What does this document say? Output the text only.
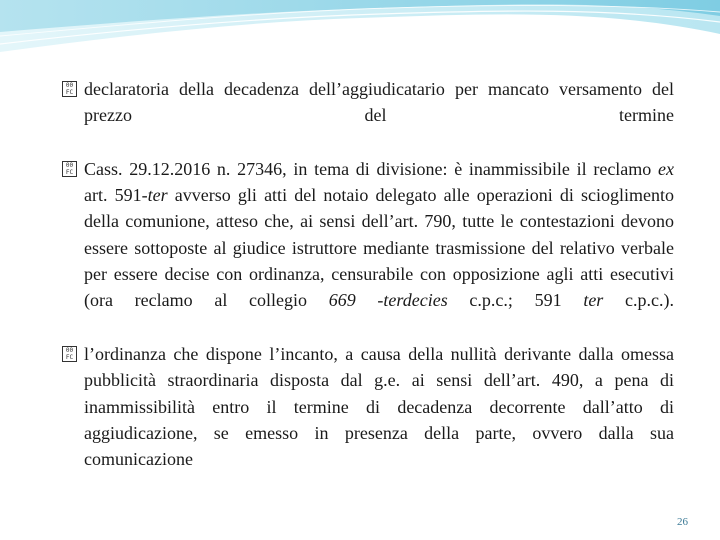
00
FC declaratoria della decadenza dell’aggiudicatario per mancato versamento del prezzo del termine

00
FC Cass. 29.12.2016 n. 27346, in tema di divisione: è inammissibile il reclamo ex art. 591-ter avverso gli atti del notaio delegato alle operazioni di scioglimento della comunione, atteso che, ai sensi dell’art. 790, tutte le contestazioni devono essere sottoposte al giudice istruttore mediante trasmissione del relativo verbale per essere decise con ordinanza, censurabile con opposizione agli atti esecutivi (ora reclamo al collegio 669 -terdecies c.p.c.; 591 ter c.p.c.).

00
FC l’ordinanza che dispone l’incanto, a causa della nullità derivante dalla omessa pubblicità straordinaria disposta dal g.e. ai sensi dell’art. 490, a pena di inammissibilità entro il termine di decadenza decorrente dall’atto di aggiudicazione, se emesso in presenza della parte, ovvero dalla sua comunicazione

26
